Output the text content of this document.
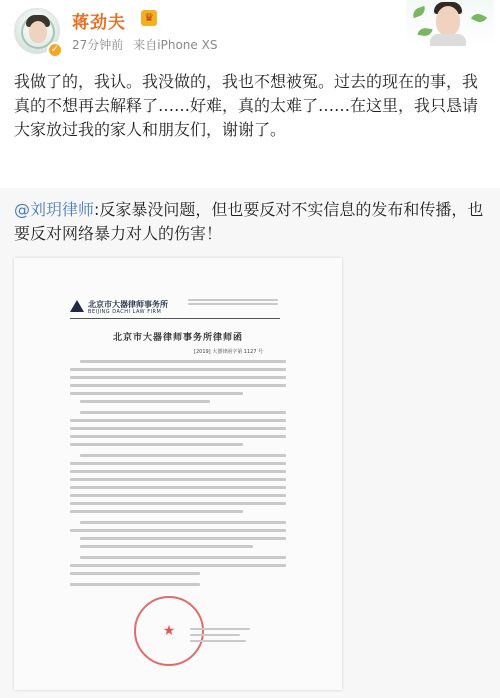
✓
蒋劲夫 ♛
27分钟前 来自iPhone XS
我做了的，我认。我没做的，我也不想被冤。过去的现在的事，我真的不想再去解释了……好难，真的太难了……在这里，我只恳请大家放过我的家人和朋友们，谢谢了。
@刘玥律师:反家暴没问题，但也要反对不实信息的发布和传播，也要反对网络暴力对人的伤害！
北京市大器律师事务所
BEIJING DACHI LAW FIRM
北京市大器律师事务所律师函
[2019] 大器律函字第 1127 号
★
